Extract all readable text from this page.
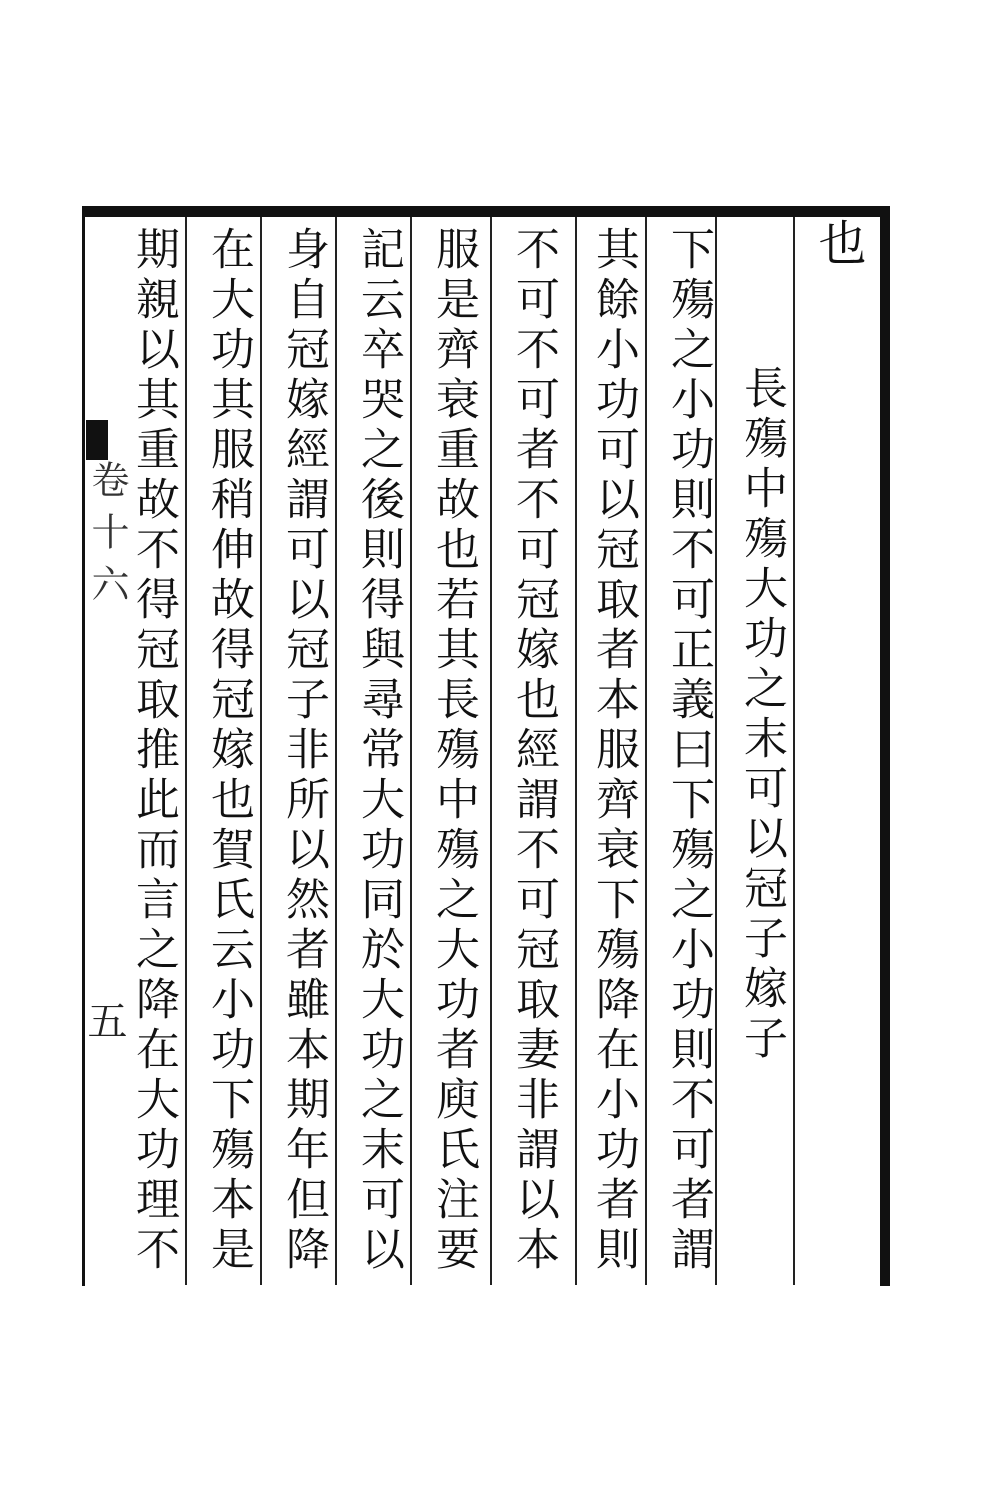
也
長殤中殤大功之末可以冠子嫁子
下殤之小功則不可正義曰下殤之小功則不可者謂
其餘小功可以冠取者本服齊衰下殤降在小功者則
不可不可者不可冠嫁也經謂不可冠取妻非謂以本
服是齊衰重故也若其長殤中殤之大功者庾氏注要
記云卒哭之後則得與尋常大功同於大功之末可以
身自冠嫁經謂可以冠子非所以然者雖本期年但降
在大功其服稍伸故得冠嫁也賀氏云小功下殤本是
期親以其重故不得冠取推此而言之降在大功理不
卷十六
五
